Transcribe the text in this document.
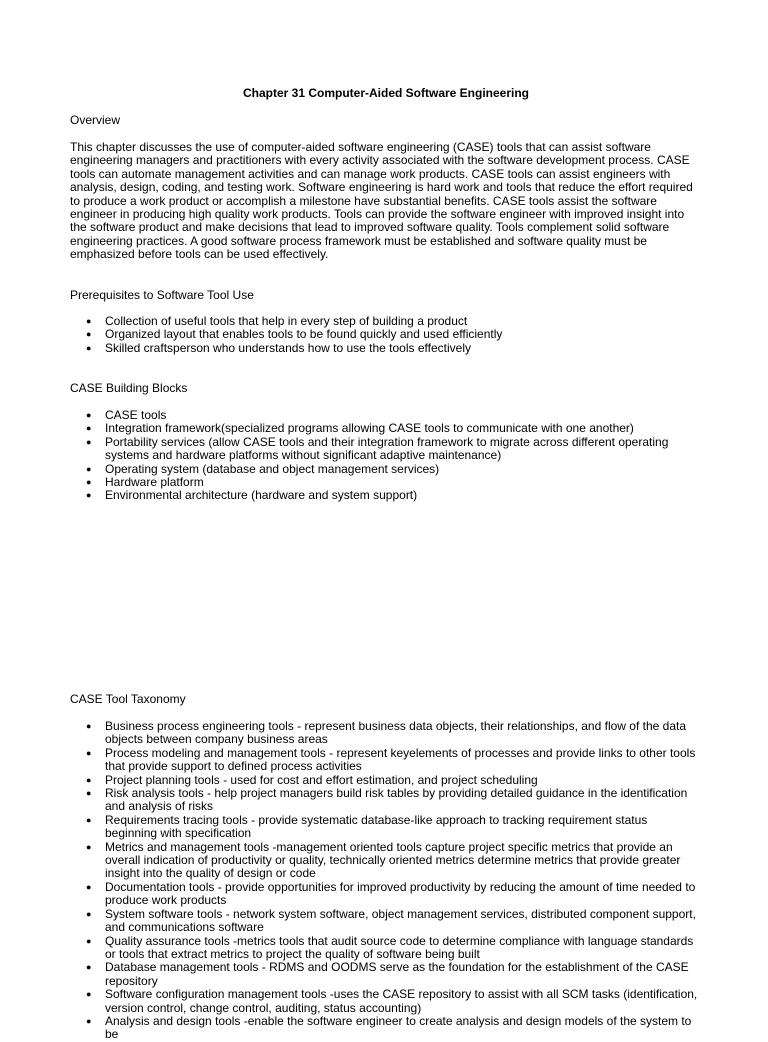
Chapter 31 Computer-Aided Software Engineering
Overview
This chapter discusses the use of computer-aided software engineering (CASE) tools that can assist software engineering managers and practitioners with every activity associated with the software development process. CASE tools can automate management activities and can manage work products. CASE tools can assist engineers with analysis, design, coding, and testing work. Software engineering is hard work and tools that reduce the effort required to produce a work product or accomplish a milestone have substantial benefits. CASE tools assist the software engineer in producing high quality work products. Tools can provide the software engineer with improved insight into the software product and make decisions that lead to improved software quality. Tools complement solid software engineering practices. A good software process framework must be established and software quality must be emphasized before tools can be used effectively.
Prerequisites to Software Tool Use
● Collection of useful tools that help in every step of building a product
● Organized layout that enables tools to be found quickly and used efficiently
● Skilled craftsperson who understands how to use the tools effectively
CASE Building Blocks
● CASE tools
● Integration framework(specialized programs allowing CASE tools to communicate with one another)
● Portability services (allow CASE tools and their integration framework to migrate across different operating systems and hardware platforms without significant adaptive maintenance)
● Operating system (database and object management services)
● Hardware platform
● Environmental architecture (hardware and system support)
CASE Tool Taxonomy
● Business process engineering tools - represent business data objects, their relationships, and flow of the data objects between company business areas
● Process modeling and management tools - represent keyelements of processes and provide links to other tools that provide support to defined process activities
● Project planning tools - used for cost and effort estimation, and project scheduling
● Risk analysis tools - help project managers build risk tables by providing detailed guidance in the identification and analysis of risks
● Requirements tracing tools - provide systematic database-like approach to tracking requirement status beginning with specification
● Metrics and management tools -management oriented tools capture project specific metrics that provide an overall indication of productivity or quality, technically oriented metrics determine metrics that provide greater insight into the quality of design or code
● Documentation tools - provide opportunities for improved productivity by reducing the amount of time needed to produce work products
● System software tools - network system software, object management services, distributed component support, and communications software
● Quality assurance tools -metrics tools that audit source code to determine compliance with language standards or tools that extract metrics to project the quality of software being built
● Database management tools - RDMS and OODMS serve as the foundation for the establishment of the CASE repository
● Software configuration management tools -uses the CASE repository to assist with all SCM tasks (identification, version control, change control, auditing, status accounting)
● Analysis and design tools -enable the software engineer to create analysis and design models of the system to be
